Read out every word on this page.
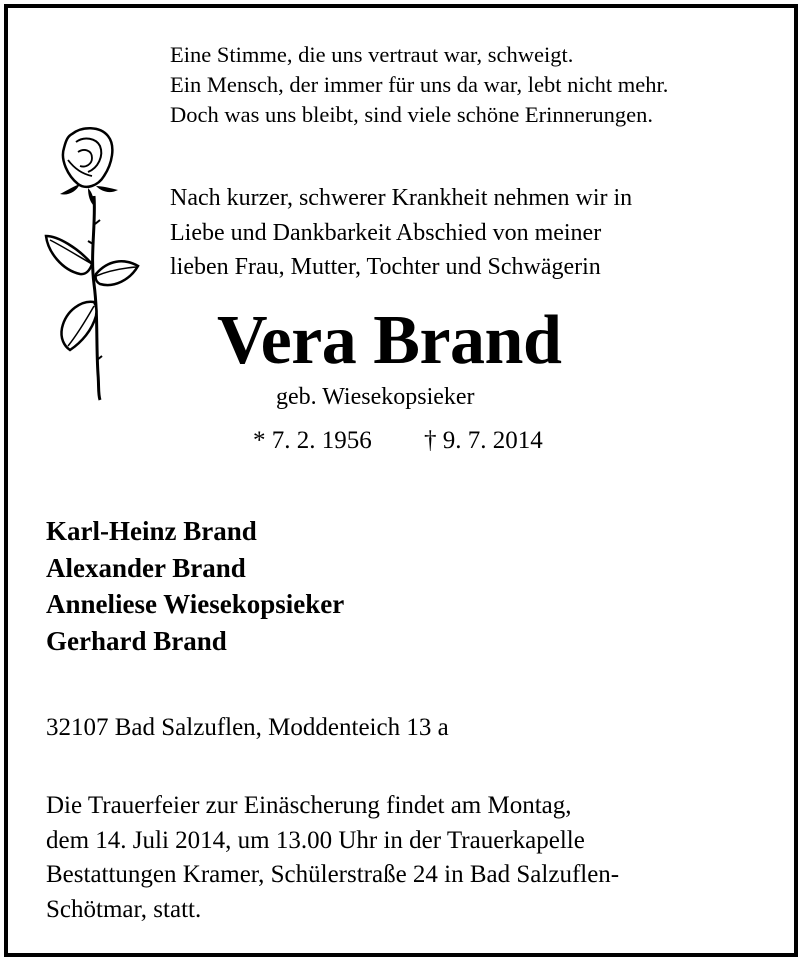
Eine Stimme, die uns vertraut war, schweigt.
Ein Mensch, der immer für uns da war, lebt nicht mehr.
Doch was uns bleibt, sind viele schöne Erinnerungen.
Nach kurzer, schwerer Krankheit nehmen wir in
Liebe und Dankbarkeit Abschied von meiner
lieben Frau, Mutter, Tochter und Schwägerin
Vera Brand
geb. Wiesekopsieker
* 7. 2. 1956 † 9. 7. 2014
Karl-Heinz Brand
Alexander Brand
Anneliese Wiesekopsieker
Gerhard Brand
32107 Bad Salzuflen, Moddenteich 13 a
Die Trauerfeier zur Einäscherung findet am Montag,
dem 14. Juli 2014, um 13.00 Uhr in der Trauerkapelle
Bestattungen Kramer, Schülerstraße 24 in Bad Salzuflen-
Schötmar, statt.
